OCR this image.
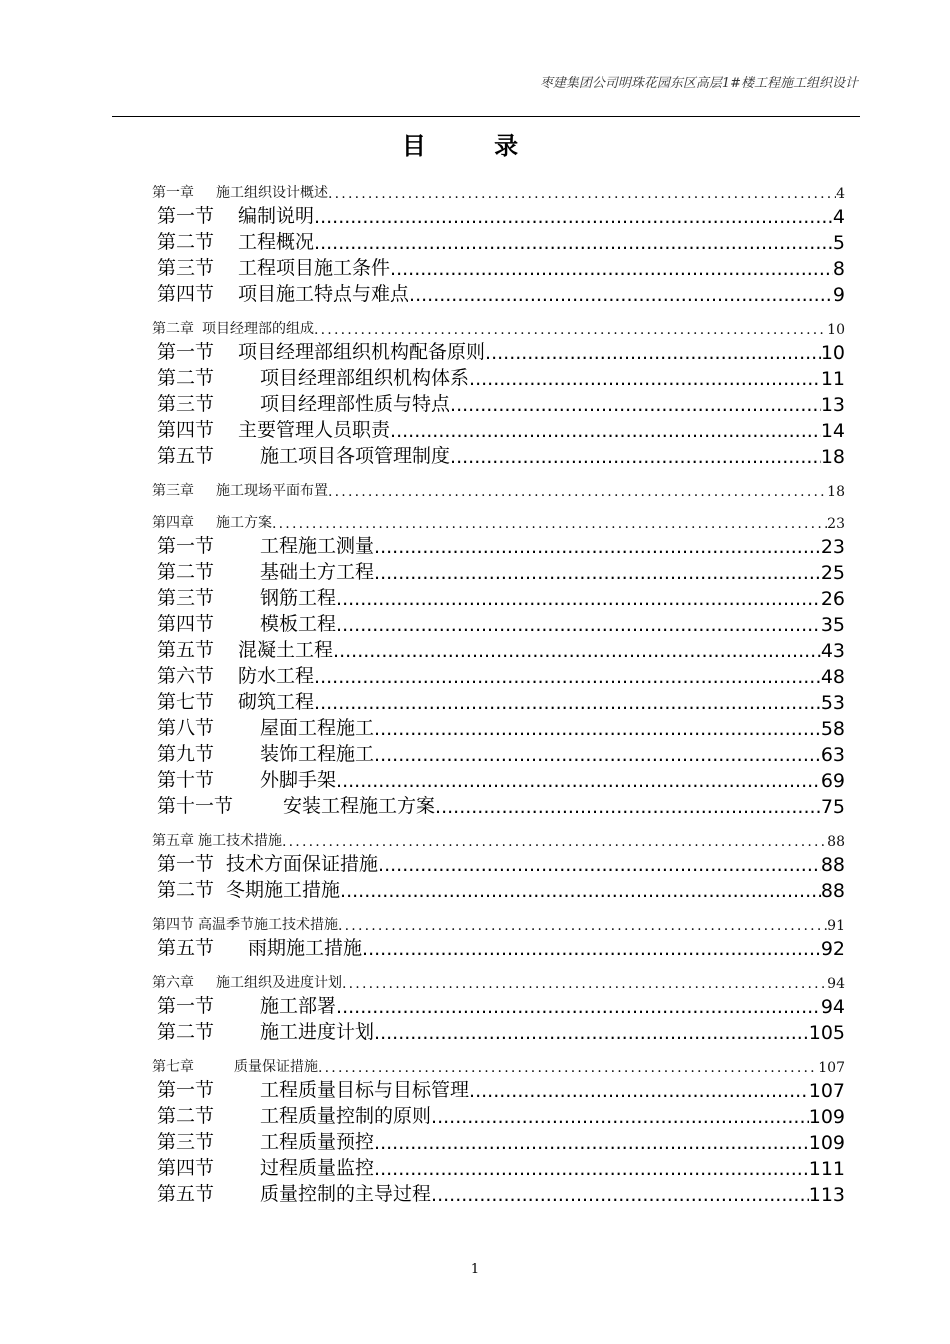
枣建集团公司明珠花园东区高层1#楼工程施工组织设计
目 录
第一章 施工组织设计概述 .....	4
第一节 编制说明 .....	4
第二节 工程概况 .....	5
第三节 工程项目施工条件 .....	8
第四节 项目施工特点与难点 .....	9
第二章 项目经理部的组成 .....	10
第一节 项目经理部组织机构配备原则 .....	10
第二节 项目经理部组织机构体系 .....	11
第三节 项目经理部性质与特点 .....	13
第四节 主要管理人员职责 .....	14
第五节 施工项目各项管理制度 .....	18
第三章 施工现场平面布置 .....	18
第四章 施工方案 .....	23
第一节 工程施工测量 .....	23
第二节 基础土方工程 .....	25
第三节 钢筋工程 .....	26
第四节 模板工程 .....	35
第五节 混凝土工程 .....	43
第六节 防水工程 .....	48
第七节 砌筑工程 .....	53
第八节 屋面工程施工 .....	58
第九节 装饰工程施工 .....	63
第十节 外脚手架 .....	69
第十一节	安装工程施工方案 .....	75
第五章 施工技术措施 .....	88
第一节 技术方面保证措施 .....	88
第二节 冬期施工措施 .....	88
第四节 高温季节施工技术措施 .....	91
第五节 雨期施工措施 .....	92
第六章 施工组织及进度计划 .....	94
第一节 施工部署 .....	94
第二节 施工进度计划 .....	105
第七章	质量保证措施 .....	107
第一节 工程质量目标与目标管理 .....	107
第二节 工程质量控制的原则 .....	109
第三节 工程质量预控 .....	109
第四节 过程质量监控 .....	111
第五节 质量控制的主导过程 .....	113
1
